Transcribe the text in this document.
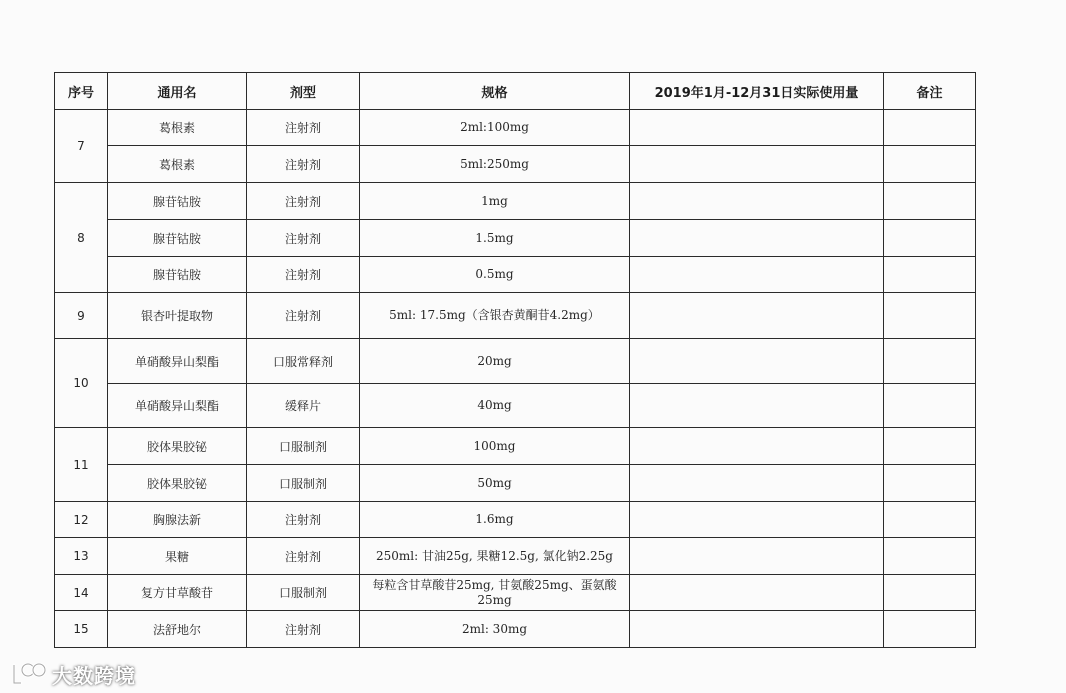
序号	通用名	剂型	规格	2019年1月-12月31日实际使用量	备注
7	葛根素	注射剂	2ml:100mg		
	葛根素	注射剂	5ml:250mg		
8	腺苷钴胺	注射剂	1mg		
	腺苷钴胺	注射剂	1.5mg		
	腺苷钴胺	注射剂	0.5mg		
9	银杏叶提取物	注射剂	5ml: 17.5mg（含银杏黄酮苷4.2mg）		
10	单硝酸异山梨酯	口服常释剂	20mg		
	单硝酸异山梨酯	缓释片	40mg		
11	胶体果胶铋	口服制剂	100mg		
	胶体果胶铋	口服制剂	50mg		
12	胸腺法新	注射剂	1.6mg		
13	果糖	注射剂	250ml: 甘油25g, 果糖12.5g, 氯化钠2.25g		
14	复方甘草酸苷	口服制剂	每粒含甘草酸苷25mg, 甘氨酸25mg、蛋氨酸25mg		
15	法舒地尔	注射剂	2ml: 30mg		
大数跨境
